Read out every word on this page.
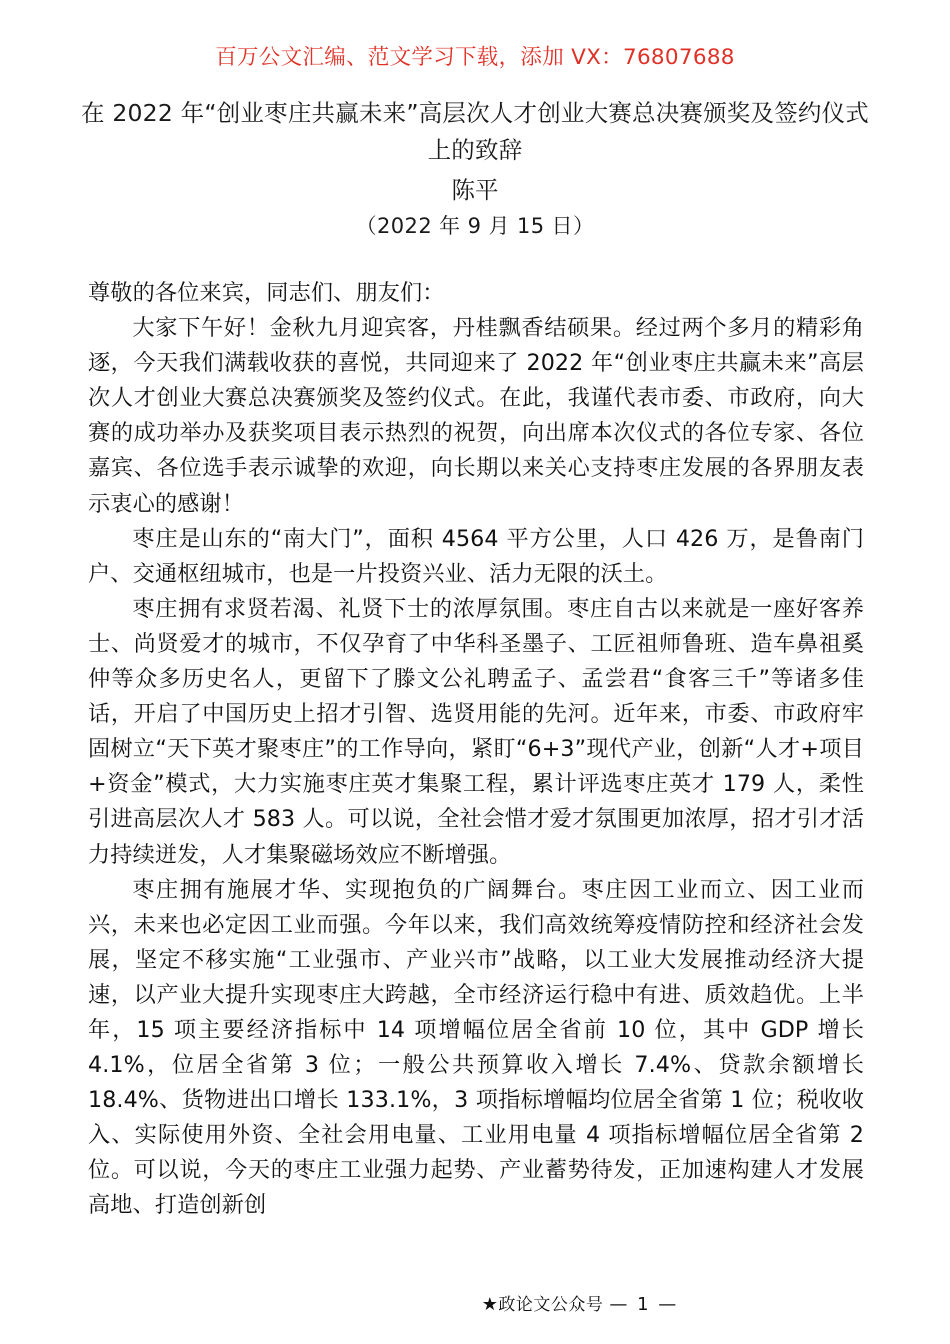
百万公文汇编、范文学习下载，添加 VX：76807688
在 2022 年“创业枣庄共赢未来”高层次人才创业大赛总决赛颁奖及签约仪式上的致辞
陈平
（2022 年 9 月 15 日）

尊敬的各位来宾，同志们、朋友们：

大家下午好！金秋九月迎宾客，丹桂飘香结硕果。经过两个多月的精彩角逐，今天我们满载收获的喜悦，共同迎来了 2022 年“创业枣庄共赢未来”高层次人才创业大赛总决赛颁奖及签约仪式。在此，我谨代表市委、市政府，向大赛的成功举办及获奖项目表示热烈的祝贺，向出席本次仪式的各位专家、各位嘉宾、各位选手表示诚挚的欢迎，向长期以来关心支持枣庄发展的各界朋友表示衷心的感谢！

枣庄是山东的“南大门”，面积 4564 平方公里，人口 426 万，是鲁南门户、交通枢纽城市，也是一片投资兴业、活力无限的沃土。

枣庄拥有求贤若渴、礼贤下士的浓厚氛围。枣庄自古以来就是一座好客养士、尚贤爱才的城市，不仅孕育了中华科圣墨子、工匠祖师鲁班、造车鼻祖奚仲等众多历史名人，更留下了滕文公礼聘孟子、孟尝君“食客三千”等诸多佳话，开启了中国历史上招才引智、选贤用能的先河。近年来，市委、市政府牢固树立“天下英才聚枣庄”的工作导向，紧盯“6+3”现代产业，创新“人才+项目+资金”模式，大力实施枣庄英才集聚工程，累计评选枣庄英才 179 人，柔性引进高层次人才 583 人。可以说，全社会惜才爱才氛围更加浓厚，招才引才活力持续迸发，人才集聚磁场效应不断增强。

枣庄拥有施展才华、实现抱负的广阔舞台。枣庄因工业而立、因工业而兴，未来也必定因工业而强。今年以来，我们高效统筹疫情防控和经济社会发展，坚定不移实施“工业强市、产业兴市”战略，以工业大发展推动经济大提速，以产业大提升实现枣庄大跨越，全市经济运行稳中有进、质效趋优。上半年，15 项主要经济指标中 14 项增幅位居全省前 10 位，其中 GDP 增长 4.1%，位居全省第 3 位；一般公共预算收入增长 7.4%、贷款余额增长 18.4%、货物进出口增长 133.1%，3 项指标增幅均位居全省第 1 位；税收收入、实际使用外资、全社会用电量、工业用电量 4 项指标增幅位居全省第 2 位。可以说，今天的枣庄工业强力起势、产业蓄势待发，正加速构建人才发展高地、打造创新创

★政论文公众号 — 1 —
